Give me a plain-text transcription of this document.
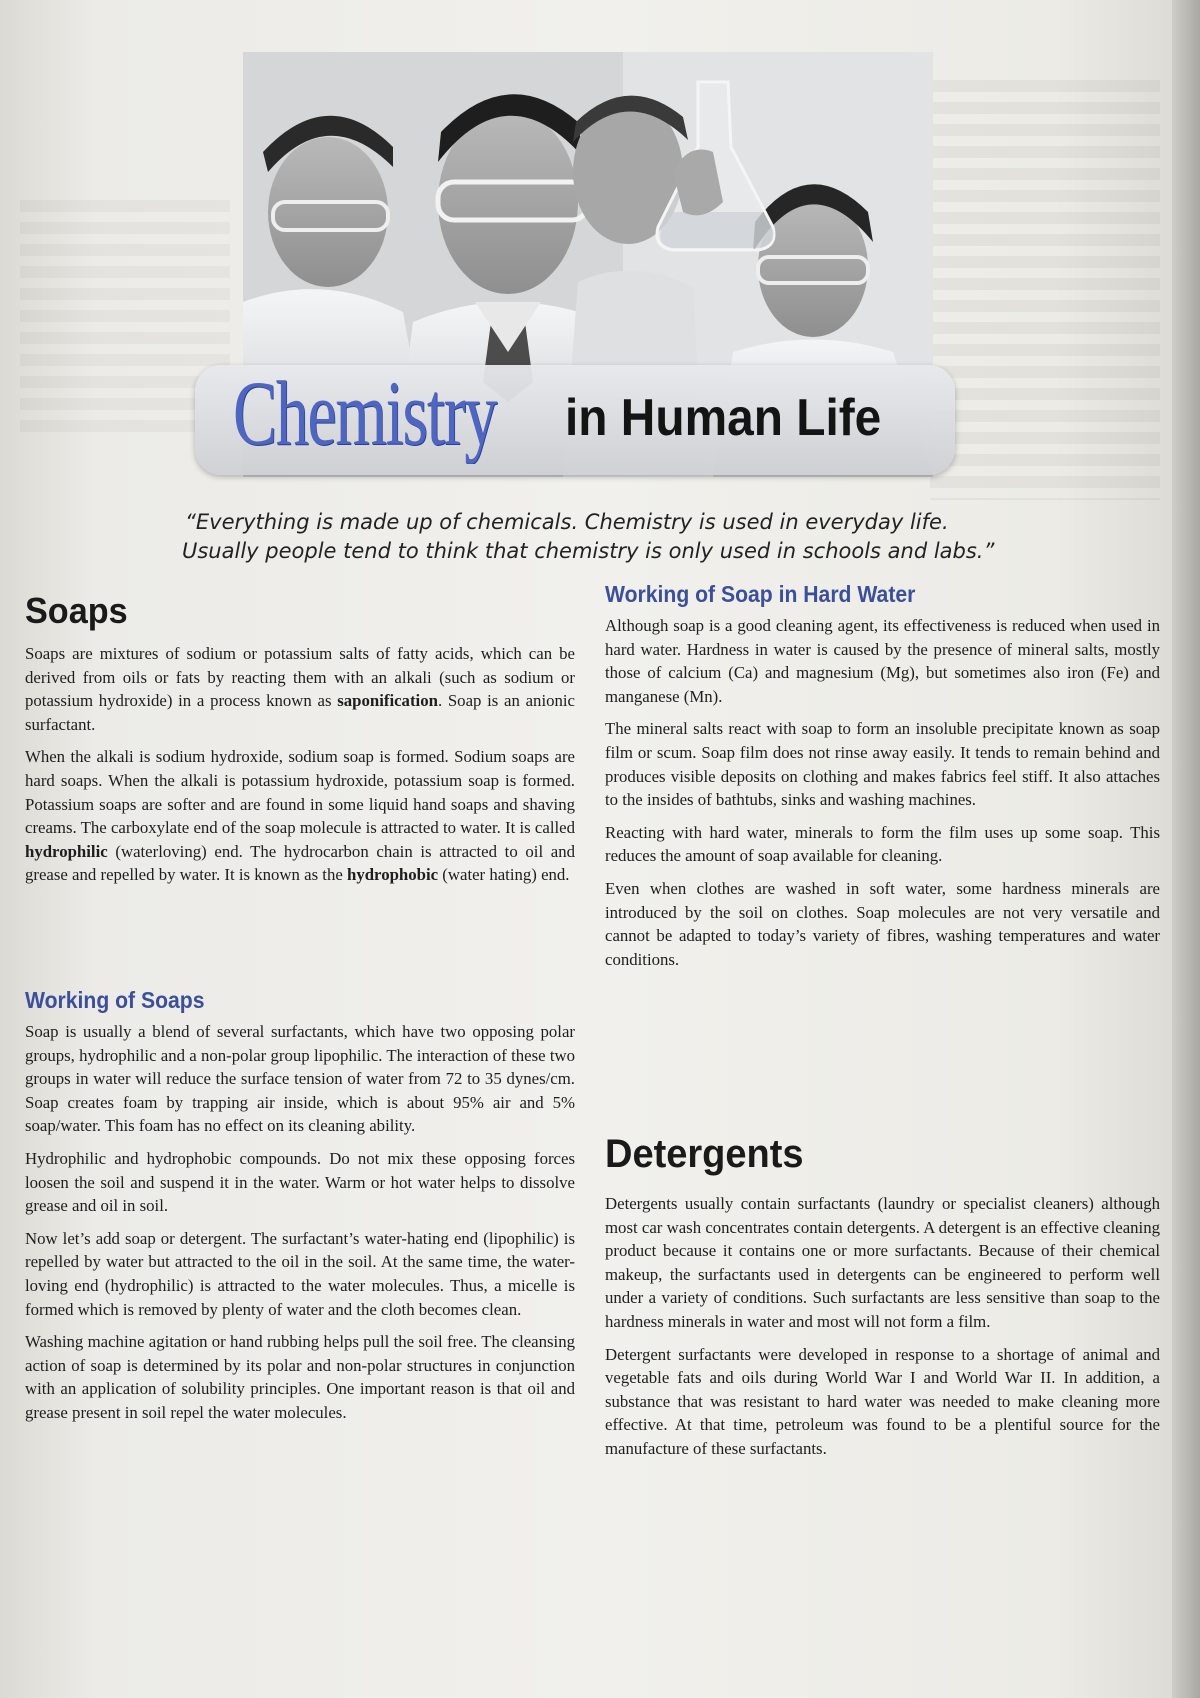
Chemistry in Human Life
“Everything is made up of chemicals. Chemistry is used in everyday life.
Usually people tend to think that chemistry is only used in schools and labs.”
Soaps

Soaps are mixtures of sodium or potassium salts of fatty acids, which can be derived from oils or fats by reacting them with an alkali (such as sodium or potassium hydroxide) in a process known as saponification. Soap is an anionic surfactant.

When the alkali is sodium hydroxide, sodium soap is formed. Sodium soaps are hard soaps. When the alkali is potassium hydroxide, potassium soap is formed. Potassium soaps are softer and are found in some liquid hand soaps and shaving creams. The carboxylate end of the soap molecule is attracted to water. It is called hydrophilic (waterloving) end. The hydrocarbon chain is attracted to oil and grease and repelled by water. It is known as the hydrophobic (water hating) end.

Working of Soaps

Soap is usually a blend of several surfactants, which have two opposing polar groups, hydrophilic and a non-polar group lipophilic. The interaction of these two groups in water will reduce the surface tension of water from 72 to 35 dynes/cm. Soap creates foam by trapping air inside, which is about 95% air and 5% soap/water. This foam has no effect on its cleaning ability.

Hydrophilic and hydrophobic compounds. Do not mix these opposing forces loosen the soil and suspend it in the water. Warm or hot water helps to dissolve grease and oil in soil.

Now let’s add soap or detergent. The surfactant’s water-hating end (lipophilic) is repelled by water but attracted to the oil in the soil. At the same time, the water-loving end (hydrophilic) is attracted to the water molecules. Thus, a micelle is formed which is removed by plenty of water and the cloth becomes clean.

Washing machine agitation or hand rubbing helps pull the soil free. The cleansing action of soap is determined by its polar and non-polar structures in conjunction with an application of solubility principles. One important reason is that oil and grease present in soil repel the water molecules.

Working of Soap in Hard Water

Although soap is a good cleaning agent, its effectiveness is reduced when used in hard water. Hardness in water is caused by the presence of mineral salts, mostly those of calcium (Ca) and magnesium (Mg), but sometimes also iron (Fe) and manganese (Mn).

The mineral salts react with soap to form an insoluble precipitate known as soap film or scum. Soap film does not rinse away easily. It tends to remain behind and produces visible deposits on clothing and makes fabrics feel stiff. It also attaches to the insides of bathtubs, sinks and washing machines.

Reacting with hard water, minerals to form the film uses up some soap. This reduces the amount of soap available for cleaning.

Even when clothes are washed in soft water, some hardness minerals are introduced by the soil on clothes. Soap molecules are not very versatile and cannot be adapted to today’s variety of fibres, washing temperatures and water conditions.

Detergents

Detergents usually contain surfactants (laundry or specialist cleaners) although most car wash concentrates contain detergents. A detergent is an effective cleaning product because it contains one or more surfactants. Because of their chemical makeup, the surfactants used in detergents can be engineered to perform well under a variety of conditions. Such surfactants are less sensitive than soap to the hardness minerals in water and most will not form a film.

Detergent surfactants were developed in response to a shortage of animal and vegetable fats and oils during World War I and World War II. In addition, a substance that was resistant to hard water was needed to make cleaning more effective. At that time, petroleum was found to be a plentiful source for the manufacture of these surfactants.
